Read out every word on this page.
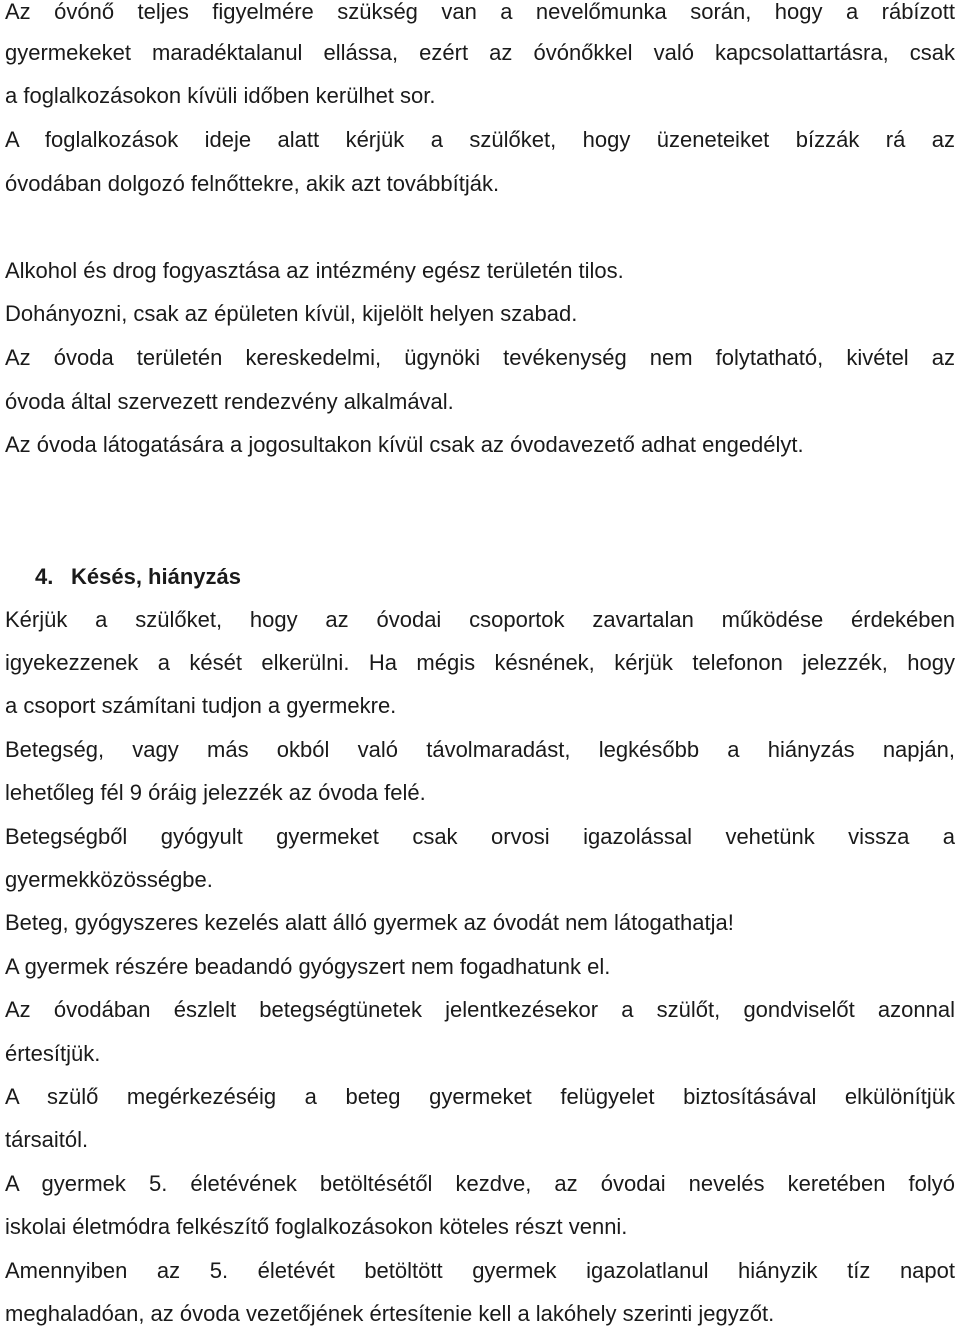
Az óvónő teljes figyelmére szükség van a nevelőmunka során, hogy a rábízott
gyermekeket maradéktalanul ellássa, ezért az óvónőkkel való kapcsolattartásra, csak
a foglalkozásokon kívüli időben kerülhet sor.
A foglalkozások ideje alatt kérjük a szülőket, hogy üzeneteiket bízzák rá az
óvodában dolgozó felnőttekre, akik azt továbbítják.
Alkohol és drog fogyasztása az intézmény egész területén tilos.
Dohányozni, csak az épületen kívül, kijelölt helyen szabad.
Az óvoda területén kereskedelmi, ügynöki tevékenység nem folytatható, kivétel az
óvoda által szervezett rendezvény alkalmával.
Az óvoda látogatására a jogosultakon kívül csak az óvodavezető adhat engedélyt.
4. Késés, hiányzás
Kérjük a szülőket, hogy az óvodai csoportok zavartalan működése érdekében
igyekezzenek a kését elkerülni. Ha mégis késnének, kérjük telefonon jelezzék, hogy
a csoport számítani tudjon a gyermekre.
Betegség, vagy más okból való távolmaradást, legkésőbb a hiányzás napján,
lehetőleg fél 9 óráig jelezzék az óvoda felé.
Betegségből gyógyult gyermeket csak orvosi igazolással vehetünk vissza a
gyermekközösségbe.
Beteg, gyógyszeres kezelés alatt álló gyermek az óvodát nem látogathatja!
A gyermek részére beadandó gyógyszert nem fogadhatunk el.
Az óvodában észlelt betegségtünetek jelentkezésekor a szülőt, gondviselőt azonnal
értesítjük.
A szülő megérkezéséig a beteg gyermeket felügyelet biztosításával elkülönítjük
társaitól.
A gyermek 5. életévének betöltésétől kezdve, az óvodai nevelés keretében folyó
iskolai életmódra felkészítő foglalkozásokon köteles részt venni.
Amennyiben az 5. életévét betöltött gyermek igazolatlanul hiányzik tíz napot
meghaladóan, az óvoda vezetőjének értesítenie kell a lakóhely szerinti jegyzőt.
